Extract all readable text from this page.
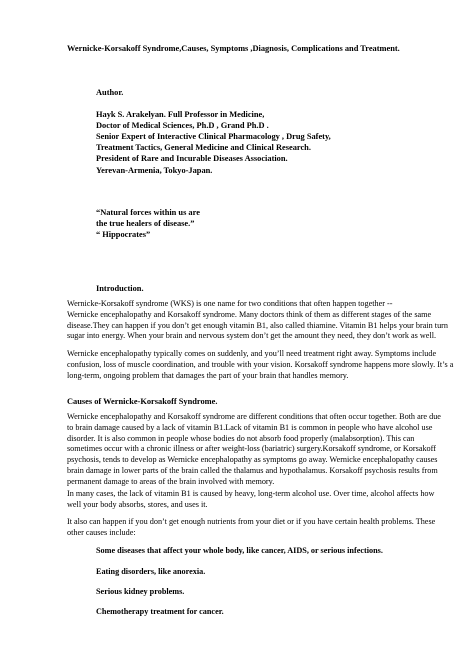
Wernicke-Korsakoff Syndrome,Causes, Symptoms ,Diagnosis, Complications and Treatment.
Author.
Hayk S. Arakelyan. Full Professor in Medicine,
Doctor of Medical Sciences, Ph.D , Grand Ph.D .
Senior Expert of Interactive Clinical Pharmacology , Drug Safety,
Treatment Tactics, General Medicine and Clinical Research.
President of Rare and Incurable Diseases Association.
Yerevan-Armenia, Tokyo-Japan.
“Natural forces within us are
the true healers of disease.”
“ Hippocrates”
Introduction.
Wernicke-Korsakoff syndrome (WKS) is one name for two conditions that often happen together --
Wernicke encephalopathy and Korsakoff syndrome. Many doctors think of them as different stages of the same
disease.They can happen if you don’t get enough vitamin B1, also called thiamine. Vitamin B1 helps your brain turn
sugar into energy. When your brain and nervous system don’t get the amount they need, they don’t work as well.
Wernicke encephalopathy typically comes on suddenly, and you’ll need treatment right away. Symptoms include
confusion, loss of muscle coordination, and trouble with your vision. Korsakoff syndrome happens more slowly. It’s a
long-term, ongoing problem that damages the part of your brain that handles memory.
Causes of Wernicke-Korsakoff Syndrome.
Wernicke encephalopathy and Korsakoff syndrome are different conditions that often occur together. Both are due
to brain damage caused by a lack of vitamin B1.Lack of vitamin B1 is common in people who have alcohol use
disorder. It is also common in people whose bodies do not absorb food properly (malabsorption). This can
sometimes occur with a chronic illness or after weight-loss (bariatric) surgery.Korsakoff syndrome, or Korsakoff
psychosis, tends to develop as Wernicke encephalopathy as symptoms go away. Wernicke encephalopathy causes
brain damage in lower parts of the brain called the thalamus and hypothalamus. Korsakoff psychosis results from
permanent damage to areas of the brain involved with memory.
In many cases, the lack of vitamin B1 is caused by heavy, long-term alcohol use. Over time, alcohol affects how
well your body absorbs, stores, and uses it.
It also can happen if you don’t get enough nutrients from your diet or if you have certain health problems. These
other causes include:
Some diseases that affect your whole body, like cancer, AIDS, or serious infections.
Eating disorders, like anorexia.
Serious kidney problems.
Chemotherapy treatment for cancer.
